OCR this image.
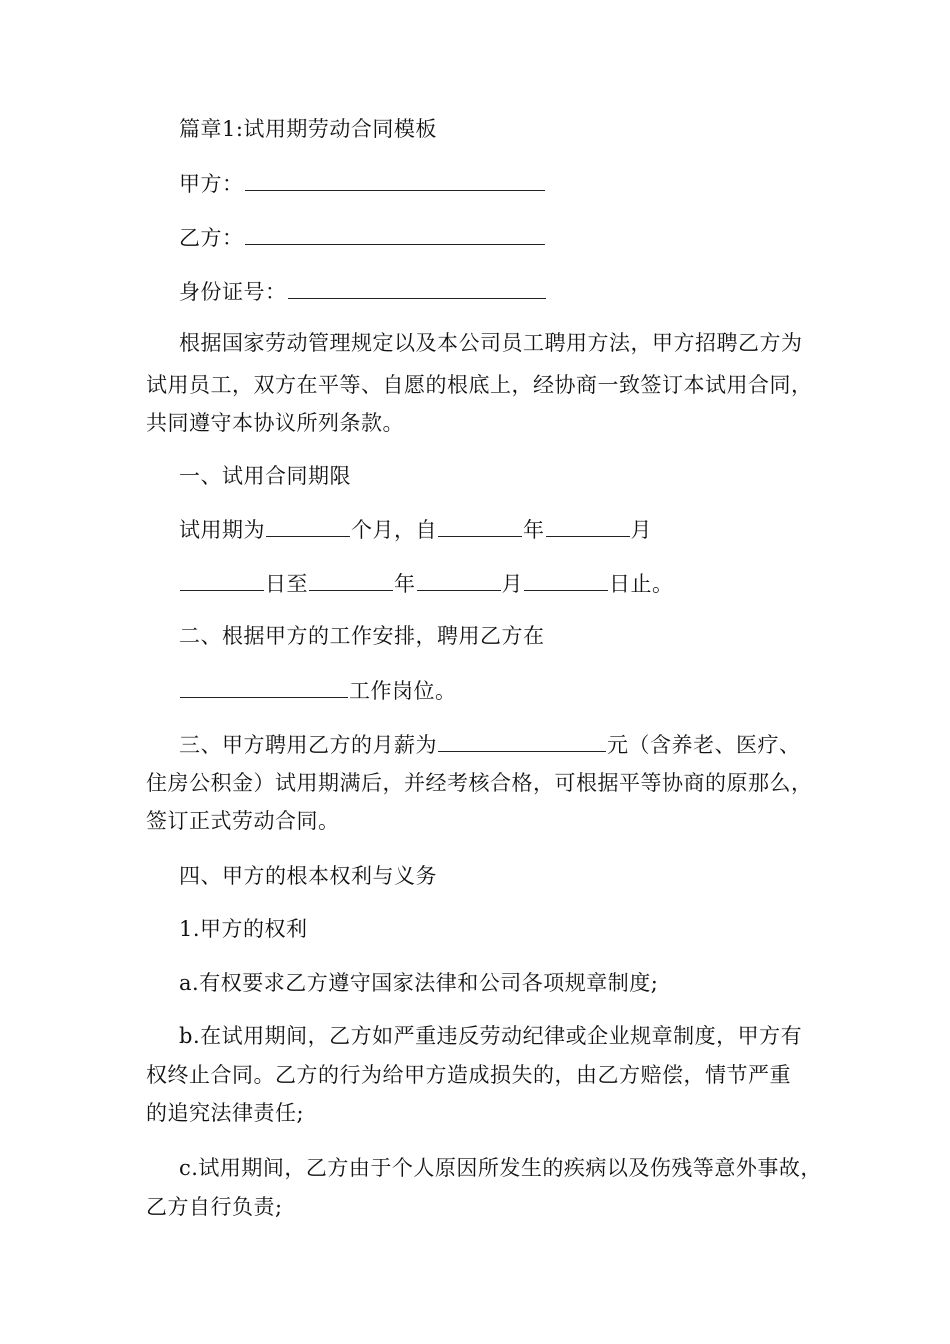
篇章1:试用期劳动合同模板
甲方：
乙方：
身份证号：
根据国家劳动管理规定以及本公司员工聘用方法，甲方招聘乙方为
试用员工，双方在平等、自愿的根底上，经协商一致签订本试用合同，
共同遵守本协议所列条款。
一、试用合同期限
试用期为	个月，自	年	月
日至	年	月	日止。
二、根据甲方的工作安排，聘用乙方在
工作岗位。
三、甲方聘用乙方的月薪为	元（含养老、医疗、
住房公积金）试用期满后，并经考核合格，可根据平等协商的原那么，
签订正式劳动合同。
四、甲方的根本权利与义务
1.甲方的权利
a.有权要求乙方遵守国家法律和公司各项规章制度;
b.在试用期间，乙方如严重违反劳动纪律或企业规章制度，甲方有
权终止合同。乙方的行为给甲方造成损失的，由乙方赔偿，情节严重
的追究法律责任;
c.试用期间，乙方由于个人原因所发生的疾病以及伤残等意外事故，
乙方自行负责;
